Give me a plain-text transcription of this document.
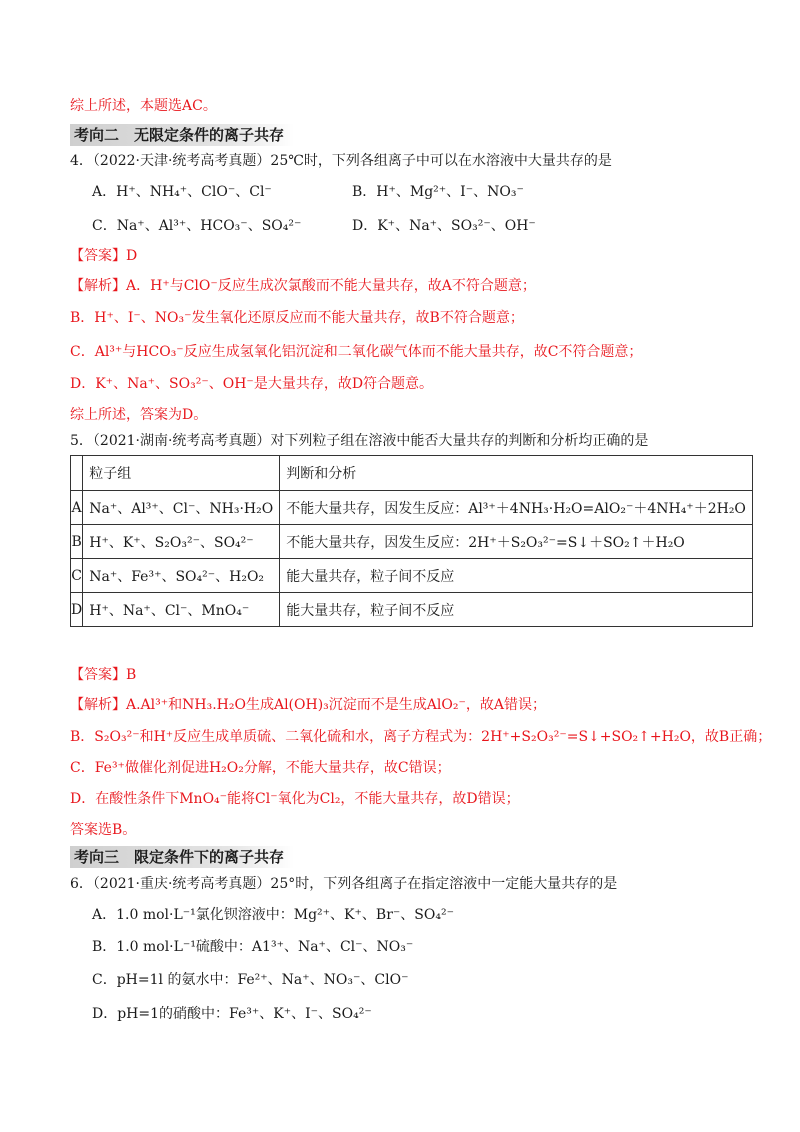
综上所述，本题选AC。
考向二　无限定条件的离子共存
4．（2022·天津·统考高考真题）25℃时，下列各组离子中可以在水溶液中大量共存的是
A．H⁺、NH₄⁺、ClO⁻、Cl⁻	B．H⁺、Mg²⁺、I⁻、NO₃⁻
C．Na⁺、Al³⁺、HCO₃⁻、SO₄²⁻	D．K⁺、Na⁺、SO₃²⁻、OH⁻
【答案】D
【解析】A．H⁺与ClO⁻反应生成次氯酸而不能大量共存，故A不符合题意；
B．H⁺、I⁻、NO₃⁻发生氧化还原反应而不能大量共存，故B不符合题意；
C．Al³⁺与HCO₃⁻反应生成氢氧化铝沉淀和二氧化碳气体而不能大量共存，故C不符合题意；
D．K⁺、Na⁺、SO₃²⁻、OH⁻是大量共存，故D符合题意。
综上所述，答案为D。
5．（2021·湖南·统考高考真题）对下列粒子组在溶液中能否大量共存的判断和分析均正确的是
	粒子组	判断和分析
A	Na⁺、Al³⁺、Cl⁻、NH₃·H₂O	不能大量共存，因发生反应：Al³⁺＋4NH₃·H₂O=AlO₂⁻＋4NH₄⁺＋2H₂O
B	H⁺、K⁺、S₂O₃²⁻、SO₄²⁻	不能大量共存，因发生反应：2H⁺＋S₂O₃²⁻=S↓＋SO₂↑＋H₂O
C	Na⁺、Fe³⁺、SO₄²⁻、H₂O₂	能大量共存，粒子间不反应
D	H⁺、Na⁺、Cl⁻、MnO₄⁻	能大量共存，粒子间不反应
【答案】B
【解析】A.Al³⁺和NH₃.H₂O生成Al(OH)₃沉淀而不是生成AlO₂⁻，故A错误；
B．S₂O₃²⁻和H⁺反应生成单质硫、二氧化硫和水，离子方程式为：2H⁺+S₂O₃²⁻=S↓+SO₂↑+H₂O，故B正确；
C．Fe³⁺做催化剂促进H₂O₂分解，不能大量共存，故C错误；
D．在酸性条件下MnO₄⁻能将Cl⁻氧化为Cl₂，不能大量共存，故D错误；
答案选B。
考向三　限定条件下的离子共存
6．（2021·重庆·统考高考真题）25°时，下列各组离子在指定溶液中一定能大量共存的是
A．1.0 mol·L⁻¹氯化钡溶液中：Mg²⁺、K⁺、Br⁻、SO₄²⁻
B．1.0 mol·L⁻¹硫酸中：A1³⁺、Na⁺、Cl⁻、NO₃⁻
C．pH=1l 的氨水中：Fe²⁺、Na⁺、NO₃⁻、ClO⁻
D．pH=1的硝酸中：Fe³⁺、K⁺、I⁻、SO₄²⁻
